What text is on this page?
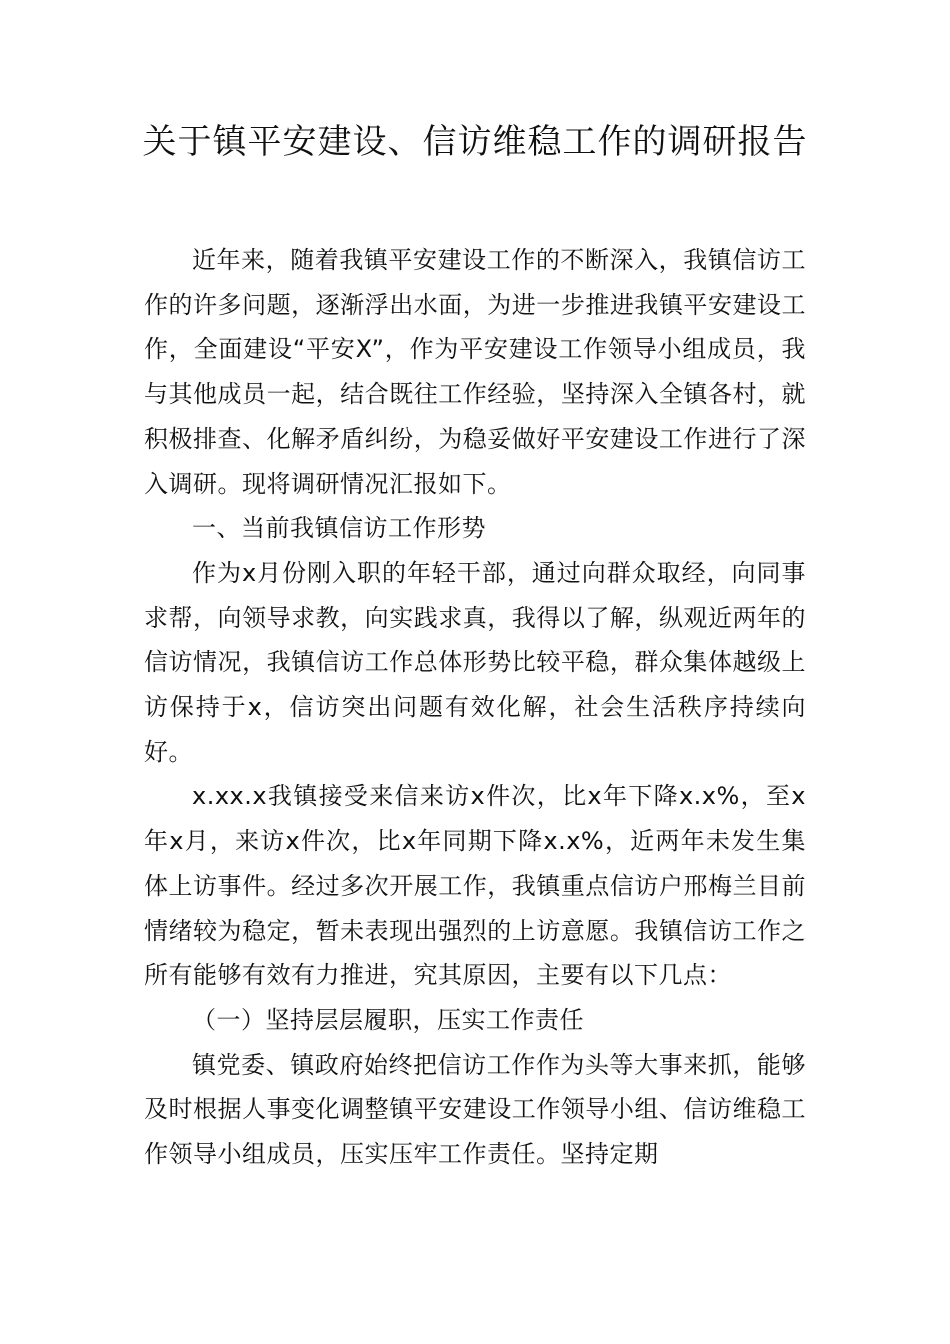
关于镇平安建设、信访维稳工作的调研报告

近年来，随着我镇平安建设工作的不断深入，我镇信访工作的许多问题，逐渐浮出水面，为进一步推进我镇平安建设工作，全面建设“平安X”，作为平安建设工作领导小组成员，我与其他成员一起，结合既往工作经验，坚持深入全镇各村，就积极排查、化解矛盾纠纷，为稳妥做好平安建设工作进行了深入调研。现将调研情况汇报如下。

一、当前我镇信访工作形势

作为x月份刚入职的年轻干部，通过向群众取经，向同事求帮，向领导求教，向实践求真，我得以了解，纵观近两年的信访情况，我镇信访工作总体形势比较平稳，群众集体越级上访保持于x，信访突出问题有效化解，社会生活秩序持续向好。

x.xx.x我镇接受来信来访x件次，比x年下降x.x%，至x年x月，来访x件次，比x年同期下降x.x%，近两年未发生集体上访事件。经过多次开展工作，我镇重点信访户邢梅兰目前情绪较为稳定，暂未表现出强烈的上访意愿。我镇信访工作之所有能够有效有力推进，究其原因，主要有以下几点：

（一）坚持层层履职，压实工作责任

镇党委、镇政府始终把信访工作作为头等大事来抓，能够及时根据人事变化调整镇平安建设工作领导小组、信访维稳工作领导小组成员，压实压牢工作责任。坚持定期
